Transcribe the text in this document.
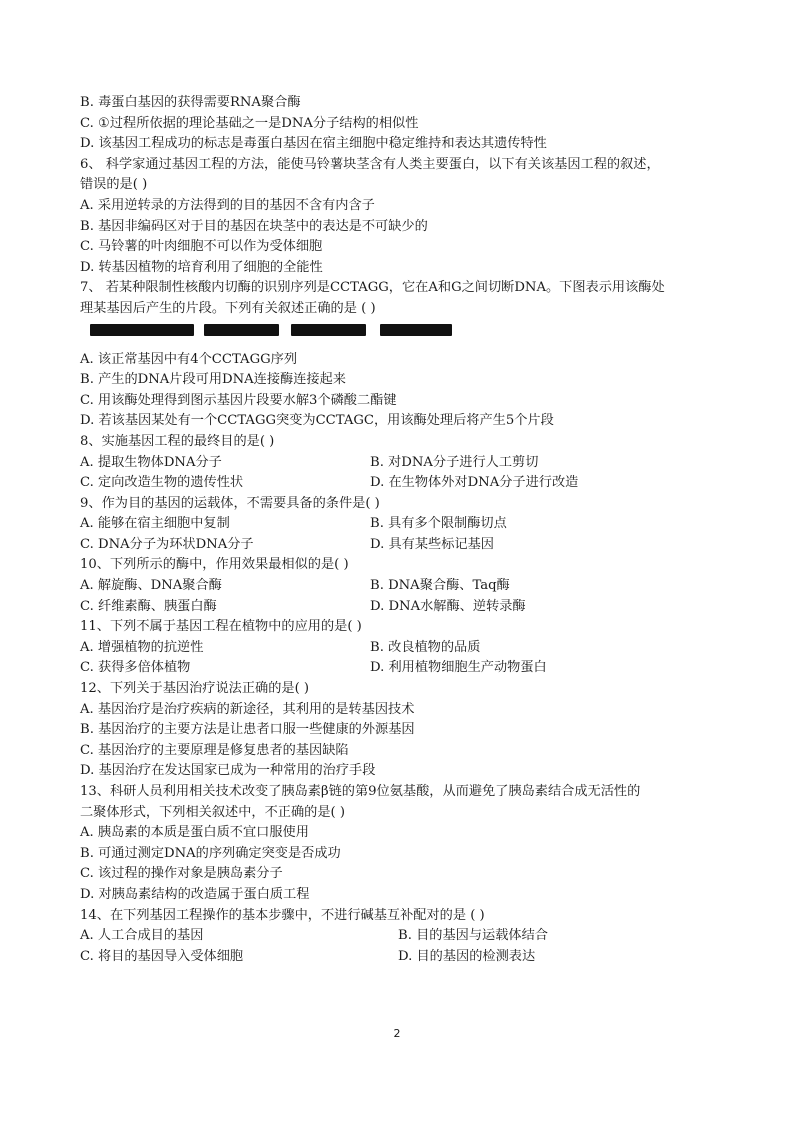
B. 毒蛋白基因的获得需要RNA聚合酶
C. ①过程所依据的理论基础之一是DNA分子结构的相似性
D. 该基因工程成功的标志是毒蛋白基因在宿主细胞中稳定维持和表达其遗传特性
6、 科学家通过基因工程的方法，能使马铃薯块茎含有人类主要蛋白，以下有关该基因工程的叙述，
错误的是( )
A. 采用逆转录的方法得到的目的基因不含有内含子
B. 基因非编码区对于目的基因在块茎中的表达是不可缺少的
C. 马铃薯的叶肉细胞不可以作为受体细胞
D. 转基因植物的培育利用了细胞的全能性
7、 若某种限制性核酸内切酶的识别序列是CCTAGG，它在A和G之间切断DNA。下图表示用该酶处
理某基因后产生的片段。下列有关叙述正确的是 ( )
A. 该正常基因中有4个CCTAGG序列
B. 产生的DNA片段可用DNA连接酶连接起来
C. 用该酶处理得到图示基因片段要水解3个磷酸二酯键
D. 若该基因某处有一个CCTAGG突变为CCTAGC，用该酶处理后将产生5个片段
8、实施基因工程的最终目的是( )
A. 提取生物体DNA分子	B. 对DNA分子进行人工剪切
C. 定向改造生物的遗传性状	D. 在生物体外对DNA分子进行改造
9、作为目的基因的运载体，不需要具备的条件是( )
A. 能够在宿主细胞中复制	B. 具有多个限制酶切点
C. DNA分子为环状DNA分子	D. 具有某些标记基因
10、下列所示的酶中，作用效果最相似的是( )
A. 解旋酶、DNA聚合酶	B. DNA聚合酶、Taq酶
C. 纤维素酶、胰蛋白酶	D. DNA水解酶、逆转录酶
11、下列不属于基因工程在植物中的应用的是( )
A. 增强植物的抗逆性	B. 改良植物的品质
C. 获得多倍体植物	D. 利用植物细胞生产动物蛋白
12、下列关于基因治疗说法正确的是( )
A. 基因治疗是治疗疾病的新途径，其利用的是转基因技术
B. 基因治疗的主要方法是让患者口服一些健康的外源基因
C. 基因治疗的主要原理是修复患者的基因缺陷
D. 基因治疗在发达国家已成为一种常用的治疗手段
13、科研人员利用相关技术改变了胰岛素β链的第9位氨基酸，从而避免了胰岛素结合成无活性的
二聚体形式，下列相关叙述中，不正确的是( )
A. 胰岛素的本质是蛋白质不宜口服使用
B. 可通过测定DNA的序列确定突变是否成功
C. 该过程的操作对象是胰岛素分子
D. 对胰岛素结构的改造属于蛋白质工程
14、在下列基因工程操作的基本步骤中，不进行碱基互补配对的是 ( )
A. 人工合成目的基因	B. 目的基因与运载体结合
C. 将目的基因导入受体细胞	D. 目的基因的检测表达
2
